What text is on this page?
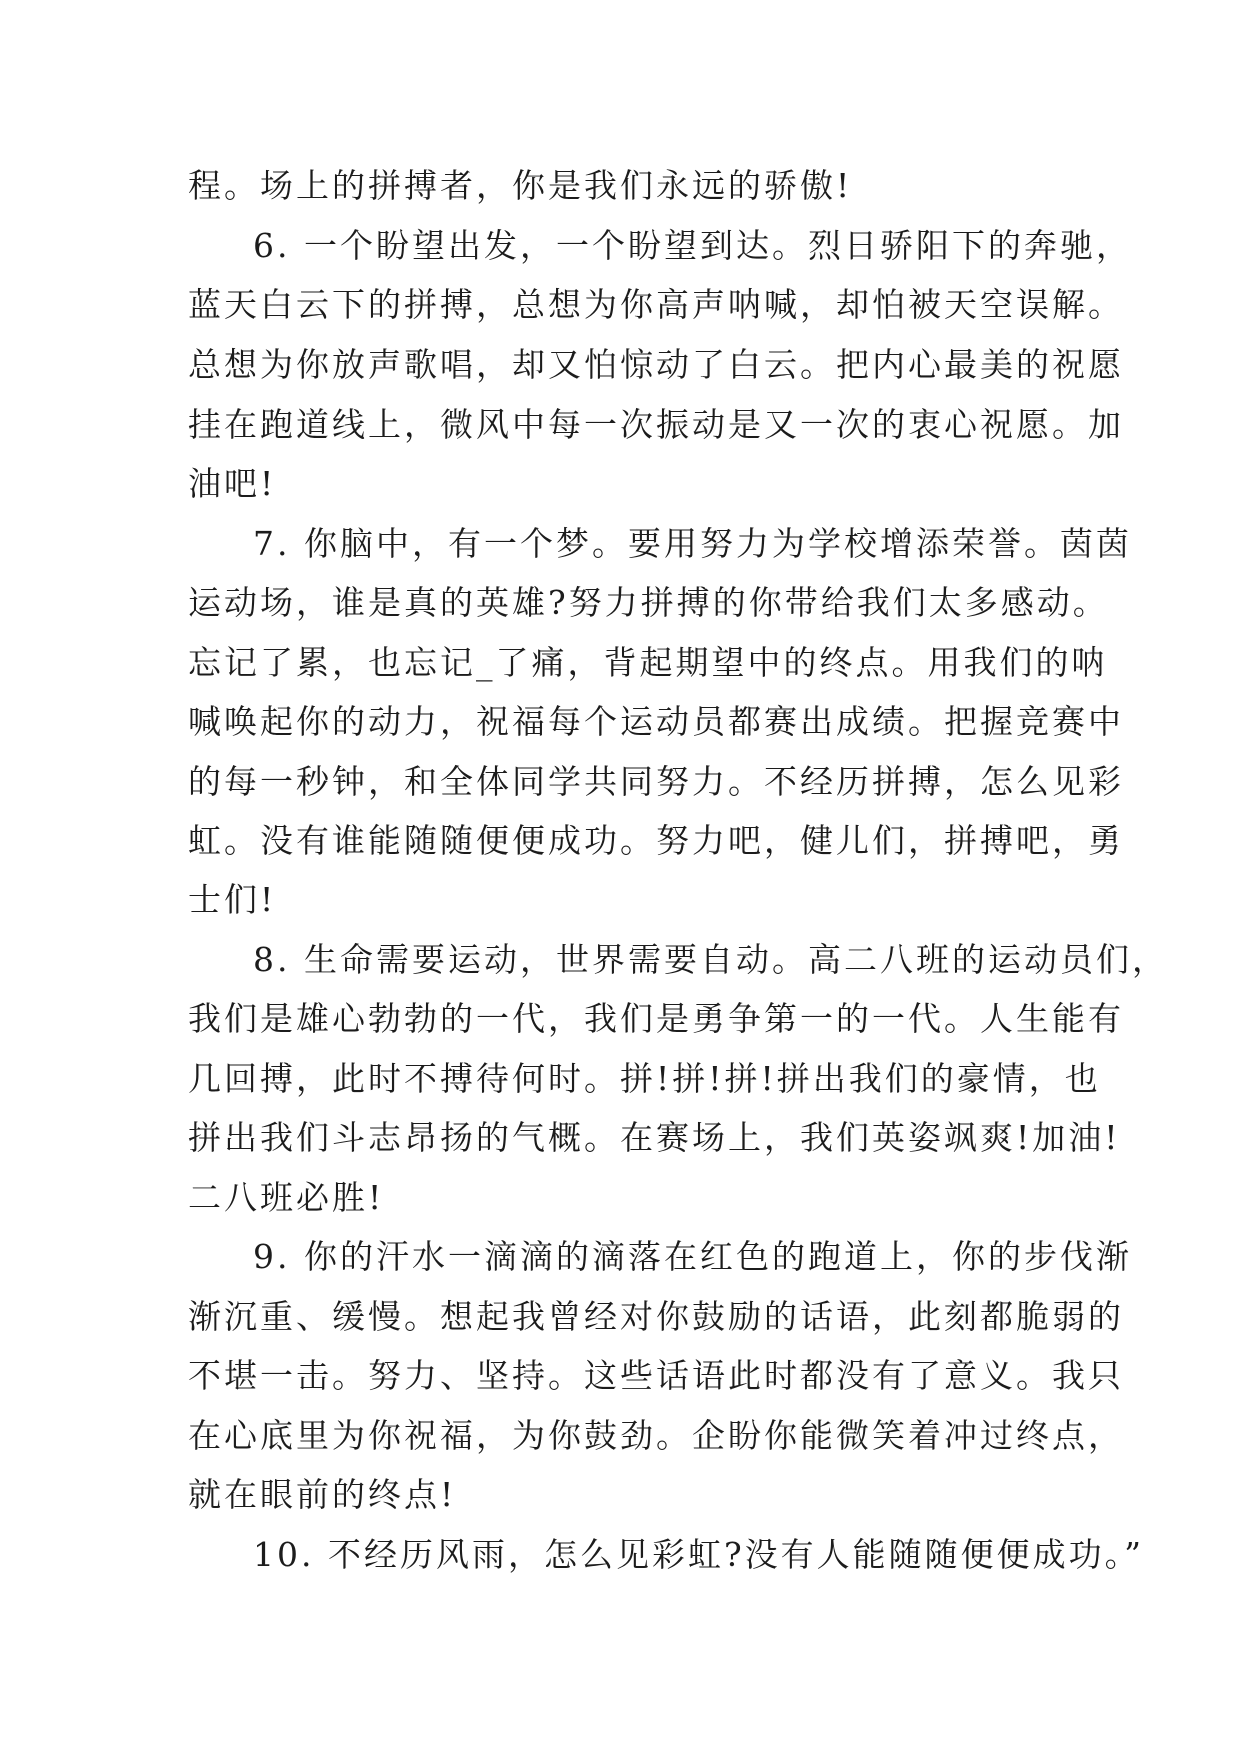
程。场上的拼搏者，你是我们永远的骄傲!
6. 一个盼望出发，一个盼望到达。烈日骄阳下的奔驰，
蓝天白云下的拼搏，总想为你高声呐喊，却怕被天空误解。
总想为你放声歌唱，却又怕惊动了白云。把内心最美的祝愿
挂在跑道线上，微风中每一次振动是又一次的衷心祝愿。加
油吧!
7. 你脑中，有一个梦。要用努力为学校增添荣誉。茵茵
运动场，谁是真的英雄?努力拼搏的你带给我们太多感动。
忘记了累，也忘记_了痛，背起期望中的终点。用我们的呐
喊唤起你的动力，祝福每个运动员都赛出成绩。把握竞赛中
的每一秒钟，和全体同学共同努力。不经历拼搏，怎么见彩
虹。没有谁能随随便便成功。努力吧，健儿们，拼搏吧，勇
士们!
8. 生命需要运动，世界需要自动。高二八班的运动员们，
我们是雄心勃勃的一代，我们是勇争第一的一代。人生能有
几回搏，此时不搏待何时。拼!拼!拼!拼出我们的豪情，也
拼出我们斗志昂扬的气概。在赛场上，我们英姿飒爽!加油!
二八班必胜!
9. 你的汗水一滴滴的滴落在红色的跑道上，你的步伐渐
渐沉重、缓慢。想起我曾经对你鼓励的话语，此刻都脆弱的
不堪一击。努力、坚持。这些话语此时都没有了意义。我只
在心底里为你祝福，为你鼓劲。企盼你能微笑着冲过终点，
就在眼前的终点!
10. 不经历风雨，怎么见彩虹?没有人能随随便便成功。”
